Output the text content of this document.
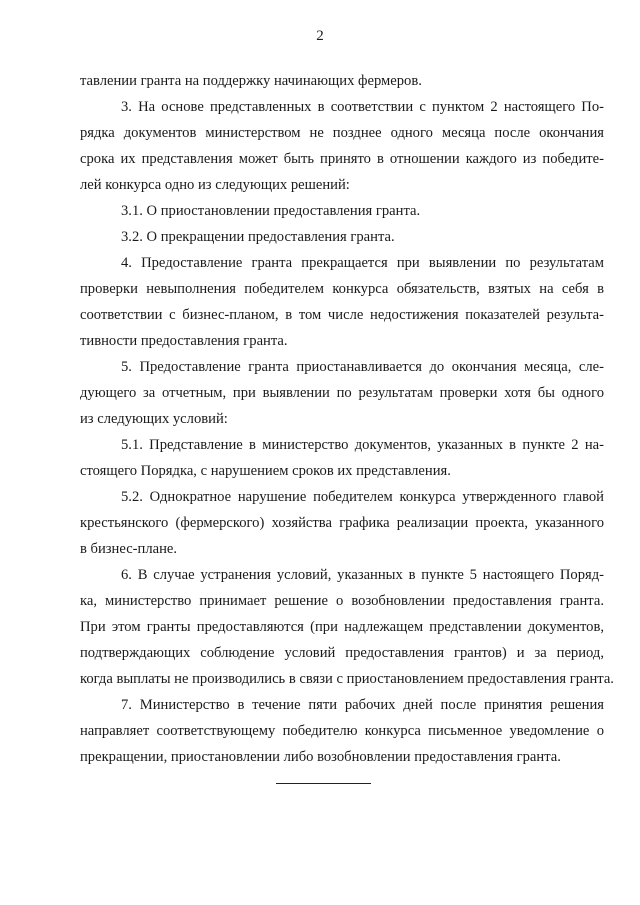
2
тавлении гранта на поддержку начинающих фермеров.
3. На основе представленных в соответствии с пунктом 2 настоящего По-
рядка документов министерством не позднее одного месяца после окончания
срока их представления может быть принято в отношении каждого из победите-
лей конкурса одно из следующих решений:
3.1. О приостановлении предоставления гранта.
3.2. О прекращении предоставления гранта.
4. Предоставление гранта прекращается при выявлении по результатам
проверки невыполнения победителем конкурса обязательств, взятых на себя в
соответствии с бизнес-планом, в том числе недостижения показателей результа-
тивности предоставления гранта.
5. Предоставление гранта приостанавливается до окончания месяца, сле-
дующего за отчетным, при выявлении по результатам проверки хотя бы одного
из следующих условий:
5.1. Представление в министерство документов, указанных в пункте 2 на-
стоящего Порядка, с нарушением сроков их представления.
5.2. Однократное нарушение победителем конкурса утвержденного главой
крестьянского (фермерского) хозяйства графика реализации проекта, указанного
в бизнес-плане.
6. В случае устранения условий, указанных в пункте 5 настоящего Поряд-
ка, министерство принимает решение о возобновлении предоставления гранта.
При этом гранты предоставляются (при надлежащем представлении документов,
подтверждающих соблюдение условий предоставления грантов) и за период,
когда выплаты не производились в связи с приостановлением предоставления гранта.
7. Министерство в течение пяти рабочих дней после принятия решения
направляет соответствующему победителю конкурса письменное уведомление о
прекращении, приостановлении либо возобновлении предоставления гранта.
